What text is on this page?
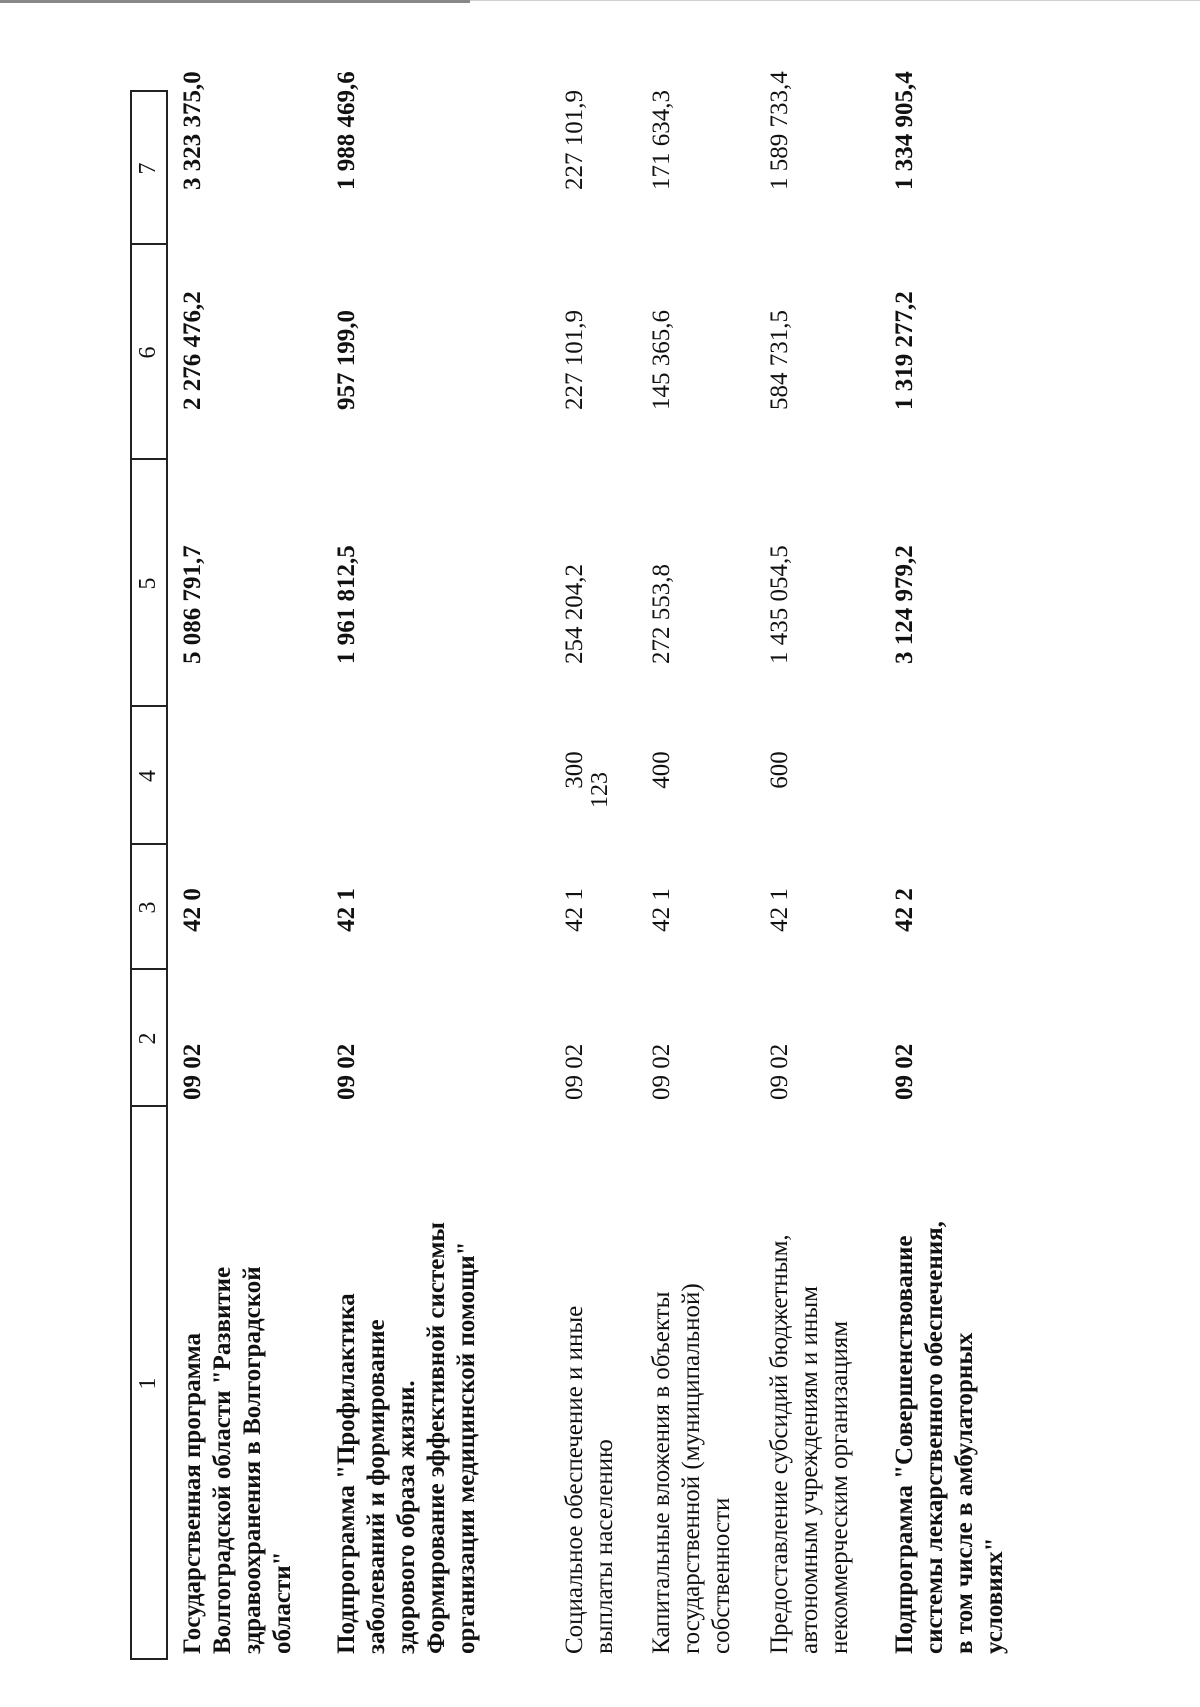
123
1
2
3
4
5
6
7
Государственная программа Волгоградской области "Развитие здравоохранения в Волгоградской области"
09 02
42 0
5 086 791,7
2 276 476,2
3 323 375,0
Подпрограмма "Профилактика заболеваний и формирование здорового образа жизни. Формирование эффективной системы организации медицинской помощи"
09 02
42 1
1 961 812,5
957 199,0
1 988 469,6
Социальное обеспечение и иные выплаты населению
09 02
42 1
300
254 204,2
227 101,9
227 101,9
Капитальные вложения в объекты государственной (муниципальной) собственности
09 02
42 1
400
272 553,8
145 365,6
171 634,3
Предоставление субсидий бюджетным, автономным учреждениям и иным некоммерческим организациям
09 02
42 1
600
1 435 054,5
584 731,5
1 589 733,4
Подпрограмма "Совершенствование системы лекарственного обеспечения, в том числе в амбулаторных условиях"
09 02
42 2
3 124 979,2
1 319 277,2
1 334 905,4
